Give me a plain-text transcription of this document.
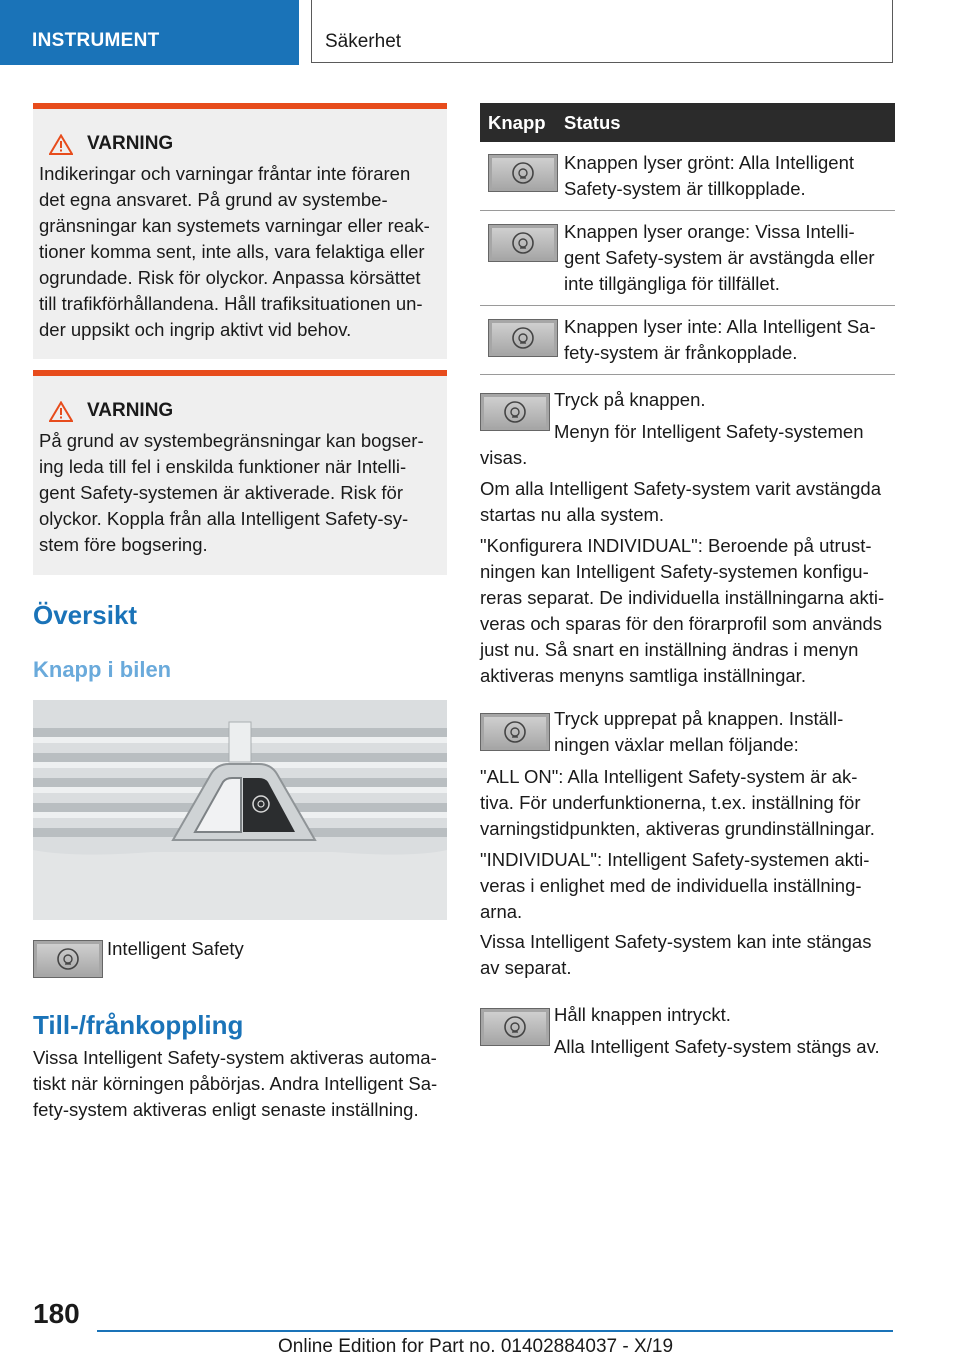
INSTRUMENT	Säkerhet
VARNING

Indikeringar och varningar fråntar inte föraren
det egna ansvaret. På grund av systembe‐
gränsningar kan systemets varningar eller reak‐
tioner komma sent, inte alls, vara felaktiga eller
ogrundade. Risk för olyckor. Anpassa körsättet
till trafikförhållandena. Håll trafiksituationen un‐
der uppsikt och ingrip aktivt vid behov.

VARNING

På grund av systembegränsningar kan bogser‐
ing leda till fel i enskilda funktioner när Intelli‐
gent Safety-systemen är aktiverade. Risk för
olyckor. Koppla från alla Intelligent Safety-sy‐
stem före bogsering.

Översikt
Knapp i bilen

Intelligent Safety

Till-/frånkoppling

Vissa Intelligent Safety-system aktiveras automa‐
tiskt när körningen påbörjas. Andra Intelligent Sa‐
fety-system aktiveras enligt senaste inställning.

Knapp	Status

	Knappen lyser grönt: Alla Intelligent
Safety-system är tillkopplade.

	Knappen lyser orange: Vissa Intelli‐
gent Safety-system är avstängda eller
inte tillgängliga för tillfället.

	Knappen lyser inte: Alla Intelligent Sa‐
fety-system är frånkopplade.

Tryck på knappen.

Menyn för Intelligent Safety-systemen

visas.

Om alla Intelligent Safety-system varit avstängda
startas nu alla system.

"Konfigurera INDIVIDUAL": Beroende på utrust‐
ningen kan Intelligent Safety-systemen konfigu‐
reras separat. De individuella inställningarna akti‐
veras och sparas för den förarprofil som används
just nu. Så snart en inställning ändras i menyn
aktiveras menyns samtliga inställningar.

Tryck upprepat på knappen. Inställ‐
ningen växlar mellan följande:

"ALL ON": Alla Intelligent Safety-system är ak‐
tiva. För underfunktionerna, t.ex. inställning för
varningstidpunkten, aktiveras grundinställningar.

"INDIVIDUAL": Intelligent Safety-systemen akti‐
veras i enlighet med de individuella inställning‐
arna.

Vissa Intelligent Safety-system kan inte stängas
av separat.

Håll knappen intryckt.

Alla Intelligent Safety-system stängs av.

180
Online Edition for Part no. 01402884037 - X/19
